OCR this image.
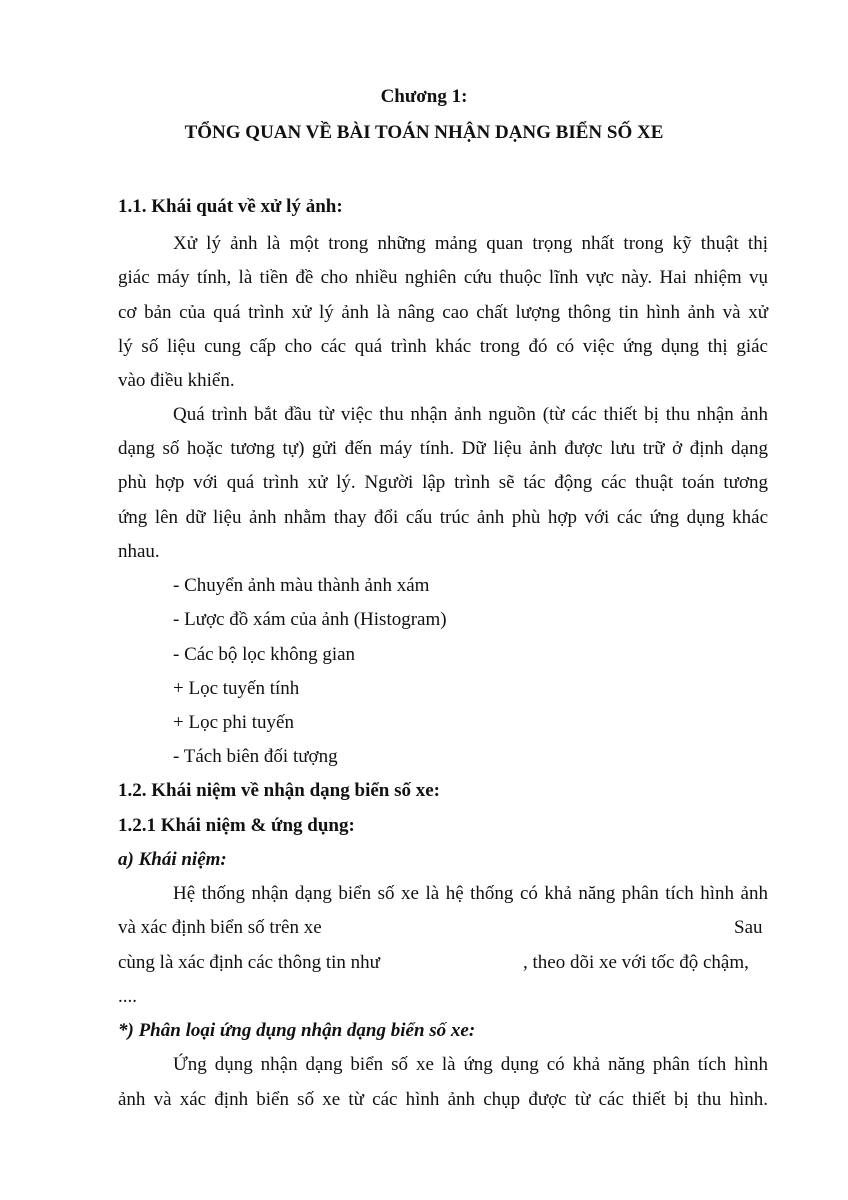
Chương 1:
TỔNG QUAN VỀ BÀI TOÁN NHẬN DẠNG BIỂN SỐ XE
1.1. Khái quát về xử lý ảnh:
Xử lý ảnh là một trong những mảng quan trọng nhất trong kỹ thuật thị
giác máy tính, là tiền đề cho nhiều nghiên cứu thuộc lĩnh vực này. Hai nhiệm vụ
cơ bản của quá trình xử lý ảnh là nâng cao chất lượng thông tin hình ảnh và xử
lý số liệu cung cấp cho các quá trình khác trong đó có việc ứng dụng thị giác
vào điều khiển.
Quá trình bắt đầu từ việc thu nhận ảnh nguồn (từ các thiết bị thu nhận ảnh
dạng số hoặc tương tự) gửi đến máy tính. Dữ liệu ảnh được lưu trữ ở định dạng
phù hợp với quá trình xử lý. Người lập trình sẽ tác động các thuật toán tương
ứng lên dữ liệu ảnh nhằm thay đổi cấu trúc ảnh phù hợp với các ứng dụng khác
nhau.
- Chuyển ảnh màu thành ảnh xám
- Lược đồ xám của ảnh (Histogram)
- Các bộ lọc không gian
+ Lọc tuyến tính
+ Lọc phi tuyến
- Tách biên đối tượng
1.2. Khái niệm về nhận dạng biển số xe:
1.2.1 Khái niệm & ứng dụng:
a) Khái niệm:
Hệ thống nhận dạng biển số xe là hệ thống có khả năng phân tích hình ảnh
và xác định biển số trên xe	Sau
cùng là xác định các thông tin như	, theo dõi xe với tốc độ chậm,
....
*) Phân loại ứng dụng nhận dạng biển số xe:
Ứng dụng nhận dạng biển số xe là ứng dụng có khả năng phân tích hình
ảnh và xác định biển số xe từ các hình ảnh chụp được từ các thiết bị thu hình.
